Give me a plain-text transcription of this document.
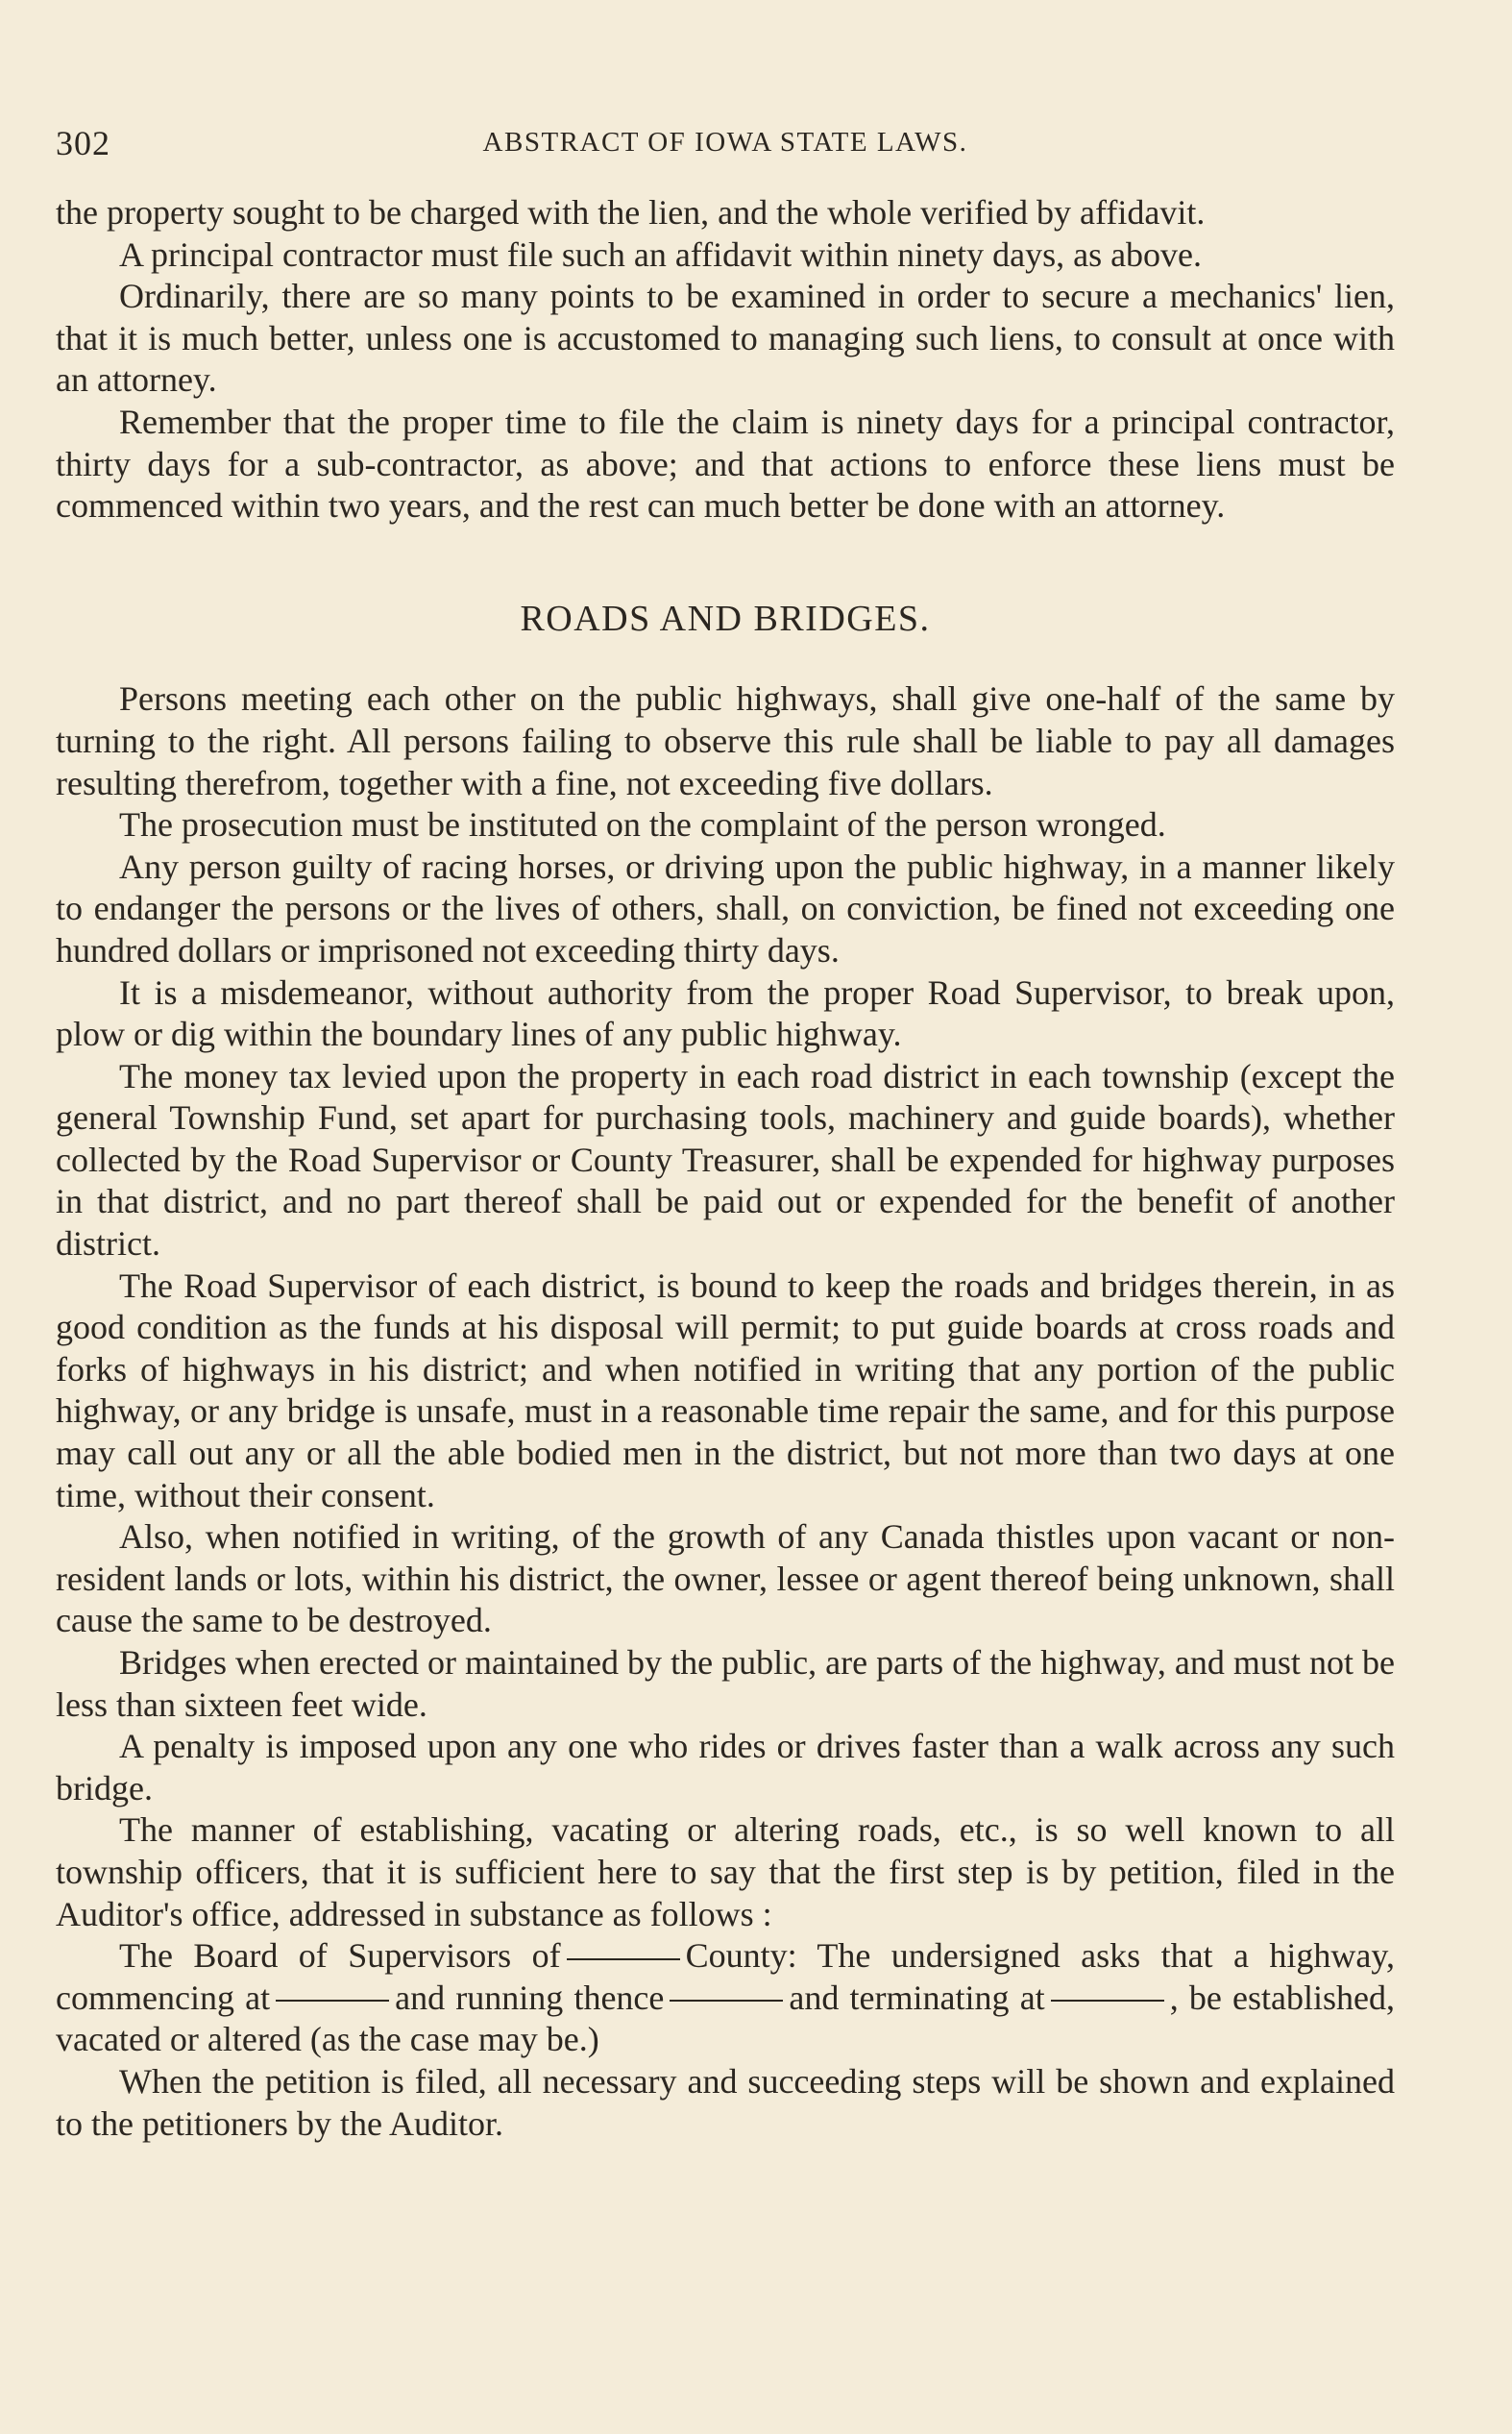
302	ABSTRACT OF IOWA STATE LAWS.

the property sought to be charged with the lien, and the whole verified by affidavit.

A principal contractor must file such an affidavit within ninety days, as above.

Ordinarily, there are so many points to be examined in order to secure a mechanics' lien, that it is much better, unless one is accustomed to managing such liens, to consult at once with an attorney.

Remember that the proper time to file the claim is ninety days for a principal contractor, thirty days for a sub-contractor, as above; and that actions to enforce these liens must be commenced within two years, and the rest can much better be done with an attorney.

ROADS AND BRIDGES.

Persons meeting each other on the public highways, shall give one-half of the same by turning to the right. All persons failing to observe this rule shall be liable to pay all damages resulting therefrom, together with a fine, not exceeding five dollars.

The prosecution must be instituted on the complaint of the person wronged.

Any person guilty of racing horses, or driving upon the public highway, in a manner likely to endanger the persons or the lives of others, shall, on conviction, be fined not exceeding one hundred dollars or imprisoned not exceeding thirty days.

It is a misdemeanor, without authority from the proper Road Supervisor, to break upon, plow or dig within the boundary lines of any public highway.

The money tax levied upon the property in each road district in each township (except the general Township Fund, set apart for purchasing tools, machinery and guide boards), whether collected by the Road Supervisor or County Treasurer, shall be expended for highway purposes in that district, and no part thereof shall be paid out or expended for the benefit of another district.

The Road Supervisor of each district, is bound to keep the roads and bridges therein, in as good condition as the funds at his disposal will permit; to put guide boards at cross roads and forks of highways in his district; and when notified in writing that any portion of the public highway, or any bridge is unsafe, must in a reasonable time repair the same, and for this purpose may call out any or all the able bodied men in the district, but not more than two days at one time, without their consent.

Also, when notified in writing, of the growth of any Canada thistles upon vacant or non-resident lands or lots, within his district, the owner, lessee or agent thereof being unknown, shall cause the same to be destroyed.

Bridges when erected or maintained by the public, are parts of the highway, and must not be less than sixteen feet wide.

A penalty is imposed upon any one who rides or drives faster than a walk across any such bridge.

The manner of establishing, vacating or altering roads, etc., is so well known to all township officers, that it is sufficient here to say that the first step is by petition, filed in the Auditor's office, addressed in substance as follows :

The Board of Supervisors of	County: The undersigned asks that a highway, commencing at	and running thence	and terminating at	, be established, vacated or altered (as the case may be.)

When the petition is filed, all necessary and succeeding steps will be shown and explained to the petitioners by the Auditor.
